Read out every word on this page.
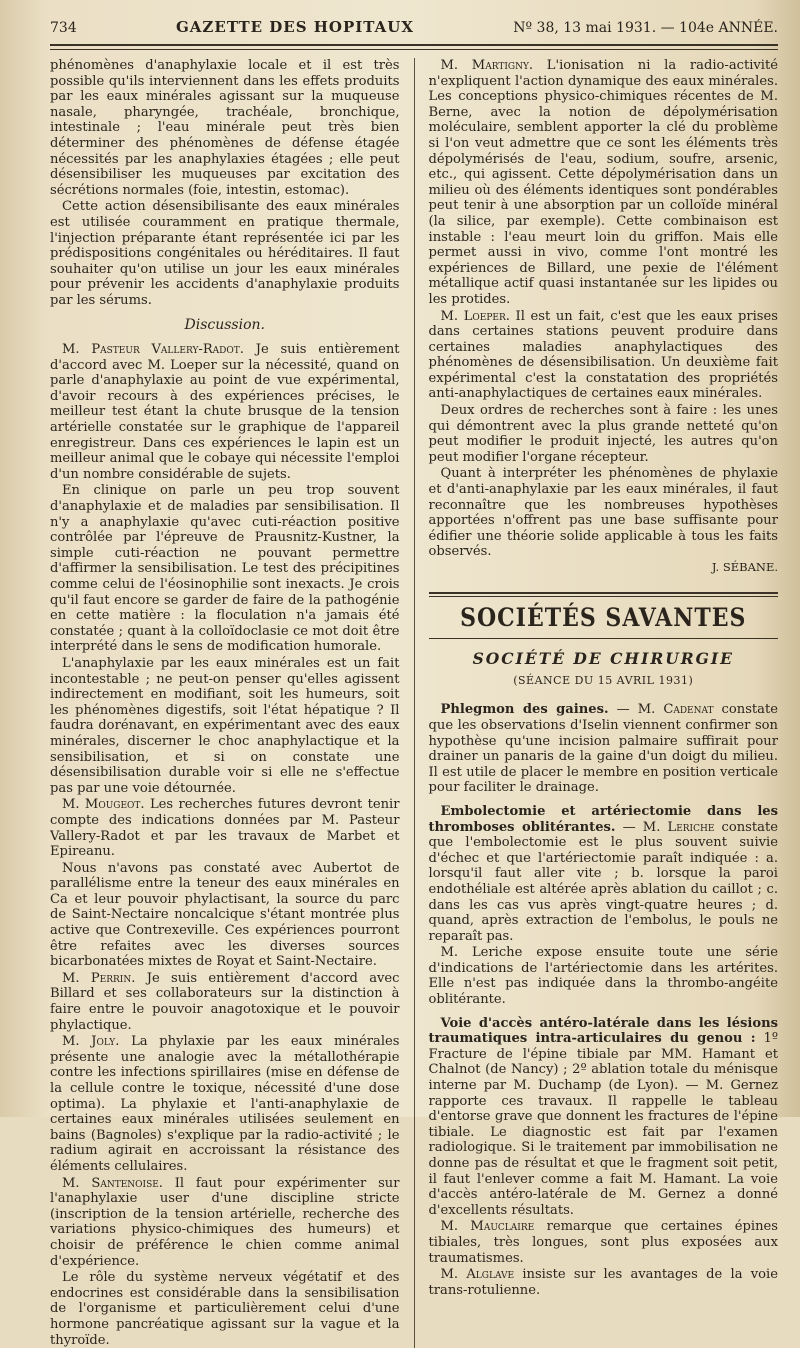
734	GAZETTE DES HOPITAUX	Nº 38, 13 mai 1931. — 104e ANNÉE.

phénomènes d'anaphylaxie locale et il est très possible qu'ils interviennent dans les effets produits par les eaux minérales agissant sur la muqueuse nasale, pharyngée, trachéale, bronchique, intestinale ; l'eau minérale peut très bien déterminer des phénomènes de défense étagée nécessités par les anaphylaxies étagées ; elle peut désensibiliser les muqueuses par excitation des sécrétions normales (foie, intestin, estomac).

Cette action désensibilisante des eaux minérales est utilisée couramment en pratique thermale, l'injection préparante étant représentée ici par les prédispositions congénitales ou héréditaires. Il faut souhaiter qu'on utilise un jour les eaux minérales pour prévenir les accidents d'anaphylaxie produits par les sérums.

Discussion.

M. Pasteur Vallery-Radot. Je suis entièrement d'accord avec M. Loeper sur la nécessité, quand on parle d'anaphylaxie au point de vue expérimental, d'avoir recours à des expériences précises, le meilleur test étant la chute brusque de la tension artérielle constatée sur le graphique de l'appareil enregistreur. Dans ces expériences le lapin est un meilleur animal que le cobaye qui nécessite l'emploi d'un nombre considérable de sujets.

En clinique on parle un peu trop souvent d'anaphylaxie et de maladies par sensibilisation. Il n'y a anaphylaxie qu'avec cuti-réaction positive contrôlée par l'épreuve de Prausnitz-Kustner, la simple cuti-réaction ne pouvant permettre d'affirmer la sensibilisation. Le test des précipitines comme celui de l'éosinophilie sont inexacts. Je crois qu'il faut encore se garder de faire de la pathogénie en cette matière : la floculation n'a jamais été constatée ; quant à la colloïdoclasie ce mot doit être interprété dans le sens de modification humorale.

L'anaphylaxie par les eaux minérales est un fait incontestable ; ne peut-on penser qu'elles agissent indirectement en modifiant, soit les humeurs, soit les phénomènes digestifs, soit l'état hépatique ? Il faudra dorénavant, en expérimentant avec des eaux minérales, discerner le choc anaphylactique et la sensibilisation, et si on constate une désensibilisation durable voir si elle ne s'effectue pas par une voie détournée.

M. Mougeot. Les recherches futures devront tenir compte des indications données par M. Pasteur Vallery-Radot et par les travaux de Marbet et Epireanu.

Nous n'avons pas constaté avec Aubertot de parallélisme entre la teneur des eaux minérales en Ca et leur pouvoir phylactisant, la source du parc de Saint-Nectaire noncalcique s'étant montrée plus active que Contrexeville. Ces expériences pourront être refaites avec les diverses sources bicarbonatées mixtes de Royat et Saint-Nectaire.

M. Perrin. Je suis entièrement d'accord avec Billard et ses collaborateurs sur la distinction à faire entre le pouvoir anagotoxique et le pouvoir phylactique.

M. Joly. La phylaxie par les eaux minérales présente une analogie avec la métallothérapie contre les infections spirillaires (mise en défense de la cellule contre le toxique, nécessité d'une dose optima). La phylaxie et l'anti-anaphylaxie de certaines eaux minérales utilisées seulement en bains (Bagnoles) s'explique par la radio-activité ; le radium agirait en accroissant la résistance des éléments cellulaires.

M. Santenoise. Il faut pour expérimenter sur l'anaphylaxie user d'une discipline stricte (inscription de la tension artérielle, recherche des variations physico-chimiques des humeurs) et choisir de préférence le chien comme animal d'expérience.

Le rôle du système nerveux végétatif et des endocrines est considérable dans la sensibilisation de l'organisme et particulièrement celui d'une hormone pancréatique agissant sur la vague et la thyroïde.

M. Martigny. L'ionisation ni la radio-activité n'expliquent l'action dynamique des eaux minérales. Les conceptions physico-chimiques récentes de M. Berne, avec la notion de dépolymérisation moléculaire, semblent apporter la clé du problème si l'on veut admettre que ce sont les éléments très dépolymérisés de l'eau, sodium, soufre, arsenic, etc., qui agissent. Cette dépolymérisation dans un milieu où des éléments identiques sont pondérables peut tenir à une absorption par un colloïde minéral (la silice, par exemple). Cette combinaison est instable : l'eau meurt loin du griffon. Mais elle permet aussi in vivo, comme l'ont montré les expériences de Billard, une pexie de l'élément métallique actif quasi instantanée sur les lipides ou les protides.

M. Loeper. Il est un fait, c'est que les eaux prises dans certaines stations peuvent produire dans certaines maladies anaphylactiques des phénomènes de désensibilisation. Un deuxième fait expérimental c'est la constatation des propriétés anti-anaphylactiques de certaines eaux minérales.

Deux ordres de recherches sont à faire : les unes qui démontrent avec la plus grande netteté qu'on peut modifier le produit injecté, les autres qu'on peut modifier l'organe récepteur.

Quant à interpréter les phénomènes de phylaxie et d'anti-anaphylaxie par les eaux minérales, il faut reconnaître que les nombreuses hypothèses apportées n'offrent pas une base suffisante pour édifier une théorie solide applicable à tous les faits observés.

J. SÉBANE.
SOCIÉTÉS SAVANTES
SOCIÉTÉ DE CHIRURGIE
(SÉANCE DU 15 AVRIL 1931)

Phlegmon des gaines. — M. Cadenat constate que les observations d'Iselin viennent confirmer son hypothèse qu'une incision palmaire suffirait pour drainer un panaris de la gaine d'un doigt du milieu. Il est utile de placer le membre en position verticale pour faciliter le drainage.

Embolectomie et artériectomie dans les thromboses oblitérantes. — M. Leriche constate que l'embolectomie est le plus souvent suivie d'échec et que l'artériectomie paraît indiquée : a. lorsqu'il faut aller vite ; b. lorsque la paroi endothéliale est altérée après ablation du caillot ; c. dans les cas vus après vingt-quatre heures ; d. quand, après extraction de l'embolus, le pouls ne reparaît pas.

M. Leriche expose ensuite toute une série d'indications de l'artériectomie dans les artérites. Elle n'est pas indiquée dans la thrombo-angéite oblitérante.

Voie d'accès antéro-latérale dans les lésions traumatiques intra-articulaires du genou : 1º Fracture de l'épine tibiale par MM. Hamant et Chalnot (de Nancy) ; 2º ablation totale du ménisque interne par M. Duchamp (de Lyon). — M. Gernez rapporte ces travaux. Il rappelle le tableau d'entorse grave que donnent les fractures de l'épine tibiale. Le diagnostic est fait par l'examen radiologique. Si le traitement par immobilisation ne donne pas de résultat et que le fragment soit petit, il faut l'enlever comme a fait M. Hamant. La voie d'accès antéro-latérale de M. Gernez a donné d'excellents résultats.

M. Mauclaire remarque que certaines épines tibiales, très longues, sont plus exposées aux traumatismes.

M. Alglave insiste sur les avantages de la voie trans-rotulienne.
